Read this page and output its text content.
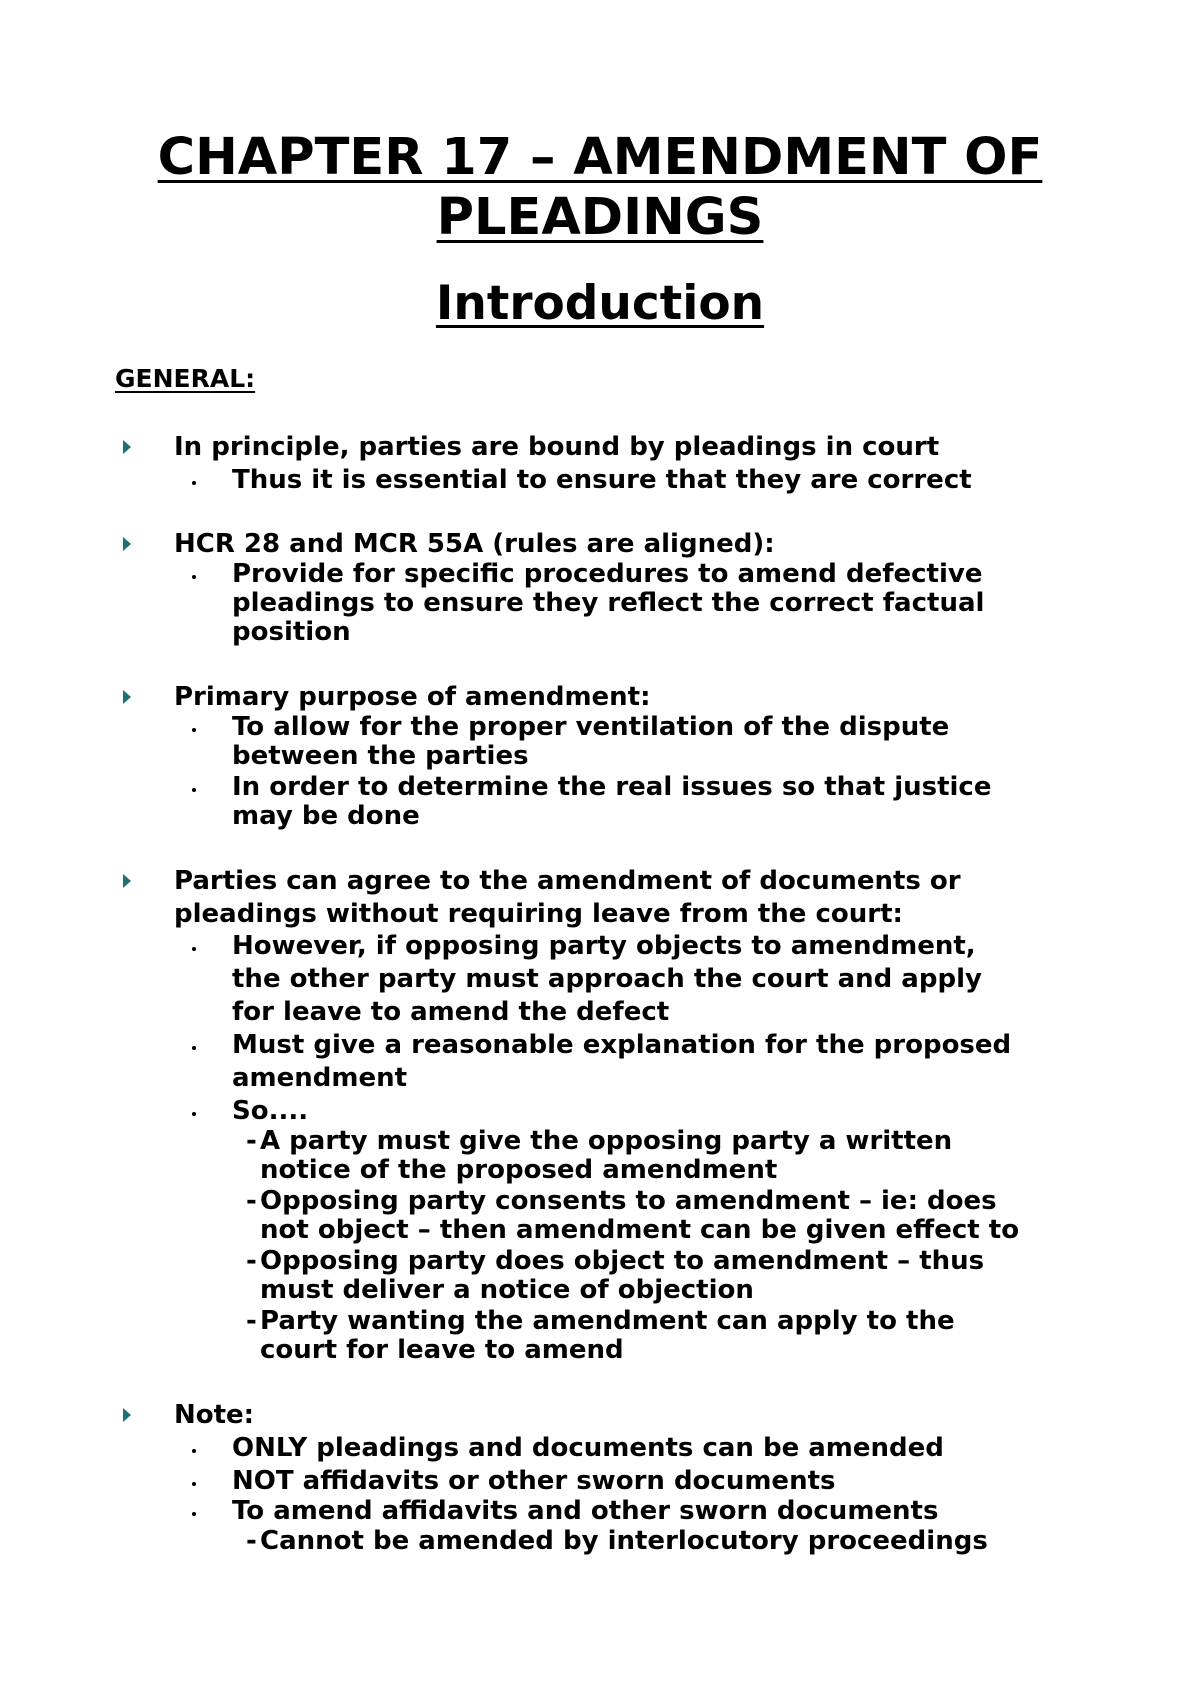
CHAPTER 17 – AMENDMENT OF
PLEADINGS
Introduction
GENERAL:
In principle, parties are bound by pleadings in court
Thus it is essential to ensure that they are correct
HCR 28 and MCR 55A (rules are aligned):
Provide for specific procedures to amend defective
pleadings to ensure they reflect the correct factual
position
Primary purpose of amendment:
To allow for the proper ventilation of the dispute
between the parties
In order to determine the real issues so that justice
may be done
Parties can agree to the amendment of documents or
pleadings without requiring leave from the court:
However, if opposing party objects to amendment,
the other party must approach the court and apply
for leave to amend the defect
Must give a reasonable explanation for the proposed
amendment
So....
- A party must give the opposing party a written
notice of the proposed amendment
- Opposing party consents to amendment – ie: does
not object – then amendment can be given effect to
- Opposing party does object to amendment – thus
must deliver a notice of objection
- Party wanting the amendment can apply to the
court for leave to amend
Note:
ONLY pleadings and documents can be amended
NOT affidavits or other sworn documents
To amend affidavits and other sworn documents
- Cannot be amended by interlocutory proceedings
